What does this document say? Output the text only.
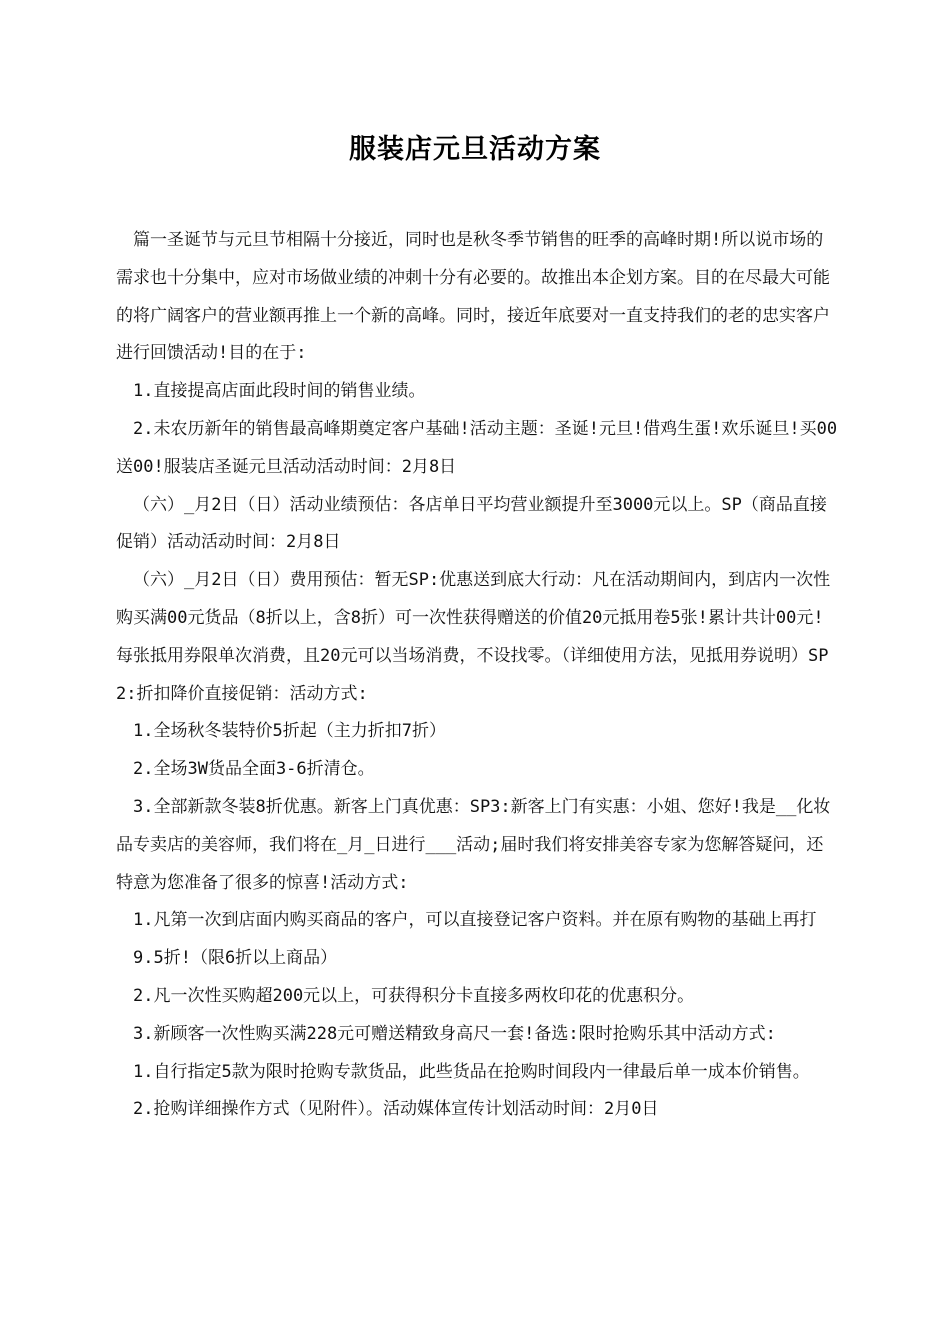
服装店元旦活动方案

篇一圣诞节与元旦节相隔十分接近，同时也是秋冬季节销售的旺季的高峰时期!所以说市场的需求也十分集中，应对市场做业绩的冲刺十分有必要的。故推出本企划方案。目的在尽最大可能的将广阔客户的营业额再推上一个新的高峰。同时，接近年底要对一直支持我们的老的忠实客户进行回馈活动!目的在于:

1.直接提高店面此段时间的销售业绩。

2.未农历新年的销售最高峰期奠定客户基础!活动主题：圣诞!元旦!借鸡生蛋!欢乐诞旦!买00送00!服装店圣诞元旦活动活动时间：2月8日

（六）_月2日（日）活动业绩预估：各店单日平均营业额提升至3000元以上。SP（商品直接促销）活动活动时间：2月8日

（六）_月2日（日）费用预估：暂无SP:优惠送到底大行动：凡在活动期间内，到店内一次性购买满00元货品（8折以上，含8折）可一次性获得赠送的价值20元抵用卷5张!累计共计00元!每张抵用券限单次消费，且20元可以当场消费，不设找零。（详细使用方法，见抵用券说明）SP2:折扣降价直接促销：活动方式:

1.全场秋冬装特价5折起（主力折扣7折）

2.全场3W货品全面3-6折清仓。

3.全部新款冬装8折优惠。新客上门真优惠：SP3:新客上门有实惠：小姐、您好!我是__化妆品专卖店的美容师，我们将在_月_日进行___活动;届时我们将安排美容专家为您解答疑问，还特意为您准备了很多的惊喜!活动方式:

1.凡第一次到店面内购买商品的客户，可以直接登记客户资料。并在原有购物的基础上再打

9.5折!（限6折以上商品）

2.凡一次性买购超200元以上，可获得积分卡直接多两枚印花的优惠积分。

3.新顾客一次性购买满228元可赠送精致身高尺一套!备选:限时抢购乐其中活动方式:

1.自行指定5款为限时抢购专款货品，此些货品在抢购时间段内一律最后单一成本价销售。

2.抢购详细操作方式（见附件）。活动媒体宣传计划活动时间：2月0日
